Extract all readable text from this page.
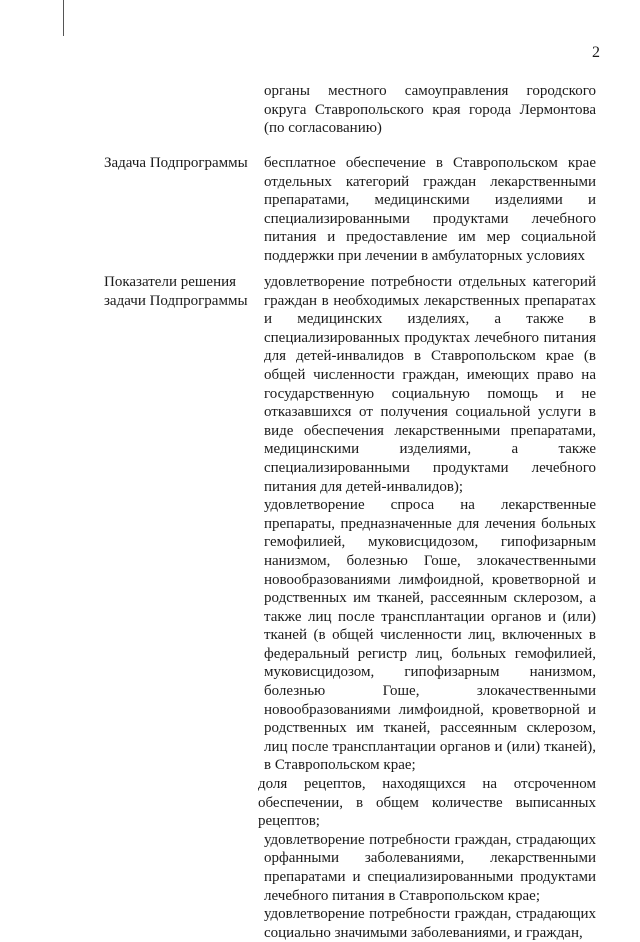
2

органы местного самоуправления городского округа Ставропольского края города Лермонтова (по согласованию)

Задача Подпрограммы	бесплатное обеспечение в Ставропольском крае отдельных категорий граждан лекарственными препаратами, медицинскими изделиями и специализированными продуктами лечебного питания и предоставление им мер социальной поддержки при лечении в амбулаторных условиях

Показатели решения задачи Подпрограммы

удовлетворение потребности отдельных категорий граждан в необходимых лекарственных препаратах и медицинских изделиях, а также в специализированных продуктах лечебного питания для детей-инвалидов в Ставропольском крае (в общей численности граждан, имеющих право на государственную социальную помощь и не отказавшихся от получения социальной услуги в виде обеспечения лекарственными препаратами, медицинскими изделиями, а также специализированными продуктами лечебного питания для детей-инвалидов);

удовлетворение спроса на лекарственные препараты, предназначенные для лечения больных гемофилией, муковисцидозом, гипофизарным нанизмом, болезнью Гоше, злокачественными новообразованиями лимфоидной, кроветворной и родственных им тканей, рассеянным склерозом, а также лиц после трансплантации органов и (или) тканей (в общей численности лиц, включенных в федеральный регистр лиц, больных гемофилией, муковисцидозом, гипофизарным нанизмом, болезнью Гоше, злокачественными новообразованиями лимфоидной, кроветворной и родственных им тканей, рассеянным склерозом, лиц после трансплантации органов и (или) тканей), в Ставропольском крае;

доля рецептов, находящихся на отсроченном обеспечении, в общем количестве выписанных рецептов;

удовлетворение потребности граждан, страдающих орфанными заболеваниями, лекарственными препаратами и специализированными продуктами лечебного питания в Ставропольском крае;

удовлетворение потребности граждан, страдающих социально значимыми заболеваниями, и граждан,
